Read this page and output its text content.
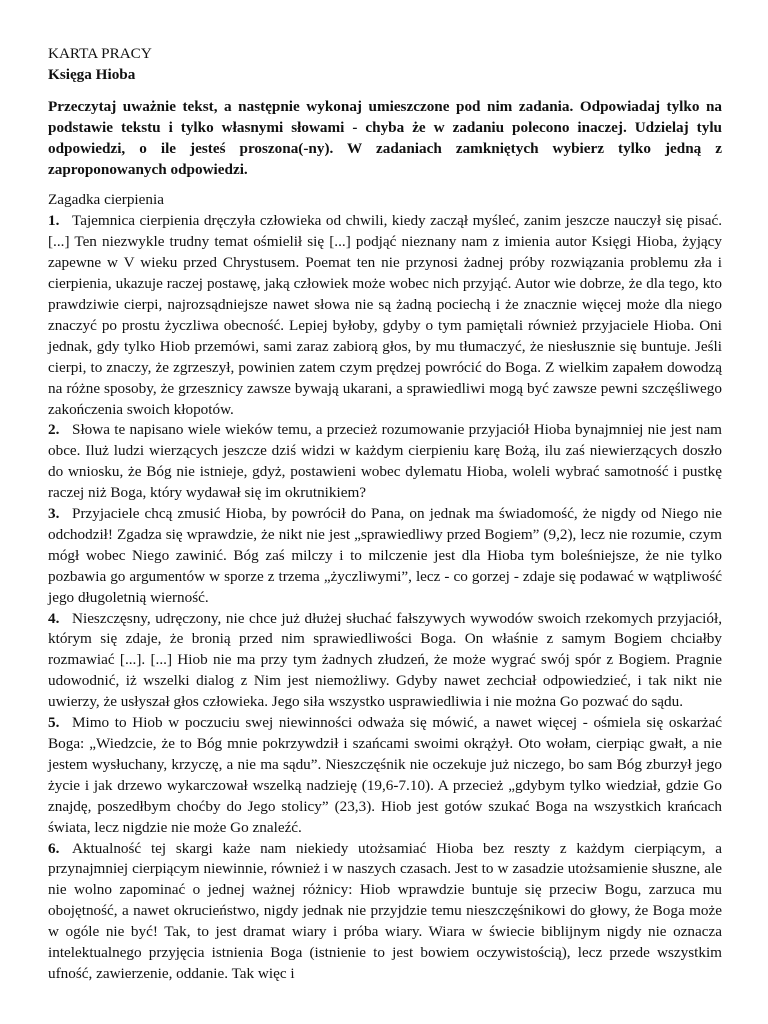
KARTA PRACY
Księga Hioba

Przeczytaj uważnie tekst, a następnie wykonaj umieszczone pod nim zadania. Odpowiadaj tylko na podstawie tekstu i tylko własnymi słowami - chyba że w zadaniu polecono inaczej. Udzielaj tylu odpowiedzi, o ile jesteś proszona(-ny). W zadaniach zamkniętych wybierz tylko jedną z zaproponowanych odpowiedzi.

Zagadka cierpienia

1. Tajemnica cierpienia dręczyła człowieka od chwili, kiedy zaczął myśleć, zanim jeszcze nauczył się pisać. [...] Ten niezwykle trudny temat ośmielił się [...] podjąć nieznany nam z imienia autor Księgi Hioba, żyjący zapewne w V wieku przed Chrystusem. Poemat ten nie przynosi żadnej próby rozwiązania problemu zła i cierpienia, ukazuje raczej postawę, jaką człowiek może wobec nich przyjąć. Autor wie dobrze, że dla tego, kto prawdziwie cierpi, najrozsądniejsze nawet słowa nie są żadną pociechą i że znacznie więcej może dla niego znaczyć po prostu życzliwa obecność. Lepiej byłoby, gdyby o tym pamiętali również przyjaciele Hioba. Oni jednak, gdy tylko Hiob przemówi, sami zaraz zabiorą głos, by mu tłumaczyć, że niesłusznie się buntuje. Jeśli cierpi, to znaczy, że zgrzeszył, powinien zatem czym prędzej powrócić do Boga. Z wielkim zapałem dowodzą na różne sposoby, że grzesznicy zawsze bywają ukarani, a sprawiedliwi mogą być zawsze pewni szczęśliwego zakończenia swoich kłopotów.

2. Słowa te napisano wiele wieków temu, a przecież rozumowanie przyjaciół Hioba bynajmniej nie jest nam obce. Iluż ludzi wierzących jeszcze dziś widzi w każdym cierpieniu karę Bożą, ilu zaś niewierzących doszło do wniosku, że Bóg nie istnieje, gdyż, postawieni wobec dylematu Hioba, woleli wybrać samotność i pustkę raczej niż Boga, który wydawał się im okrutnikiem?

3. Przyjaciele chcą zmusić Hioba, by powrócił do Pana, on jednak ma świadomość, że nigdy od Niego nie odchodził! Zgadza się wprawdzie, że nikt nie jest „sprawiedliwy przed Bogiem” (9,2), lecz nie rozumie, czym mógł wobec Niego zawinić. Bóg zaś milczy i to milczenie jest dla Hioba tym boleśniejsze, że nie tylko pozbawia go argumentów w sporze z trzema „życzliwymi”, lecz - co gorzej - zdaje się podawać w wątpliwość jego długoletnią wierność.

4. Nieszczęsny, udręczony, nie chce już dłużej słuchać fałszywych wywodów swoich rzekomych przyjaciół, którym się zdaje, że bronią przed nim sprawiedliwości Boga. On właśnie z samym Bogiem chciałby rozmawiać [...]. [...] Hiob nie ma przy tym żadnych złudzeń, że może wygrać swój spór z Bogiem. Pragnie udowodnić, iż wszelki dialog z Nim jest niemożliwy. Gdyby nawet zechciał odpowiedzieć, i tak nikt nie uwierzy, że usłyszał głos człowieka. Jego siła wszystko usprawiedliwia i nie można Go pozwać do sądu.

5. Mimo to Hiob w poczuciu swej niewinności odważa się mówić, a nawet więcej - ośmiela się oskarżać Boga: „Wiedzcie, że to Bóg mnie pokrzywdził i szańcami swoimi okrążył. Oto wołam, cierpiąc gwałt, a nie jestem wysłuchany, krzyczę, a nie ma sądu”. Nieszczęśnik nie oczekuje już niczego, bo sam Bóg zburzył jego życie i jak drzewo wykarczował wszelką nadzieję (19,6-7.10). A przecież „gdybym tylko wiedział, gdzie Go znajdę, poszedłbym choćby do Jego stolicy” (23,3). Hiob jest gotów szukać Boga na wszystkich krańcach świata, lecz nigdzie nie może Go znaleźć.

6. Aktualność tej skargi każe nam niekiedy utożsamiać Hioba bez reszty z każdym cierpiącym, a przynajmniej cierpiącym niewinnie, również i w naszych czasach. Jest to w zasadzie utożsamienie słuszne, ale nie wolno zapominać o jednej ważnej różnicy: Hiob wprawdzie buntuje się przeciw Bogu, zarzuca mu obojętność, a nawet okrucieństwo, nigdy jednak nie przyjdzie temu nieszczęśnikowi do głowy, że Boga może w ogóle nie być! Tak, to jest dramat wiary i próba wiary. Wiara w świecie biblijnym nigdy nie oznacza intelektualnego przyjęcia istnienia Boga (istnienie to jest bowiem oczywistością), lecz przede wszystkim ufność, zawierzenie, oddanie. Tak więc i
